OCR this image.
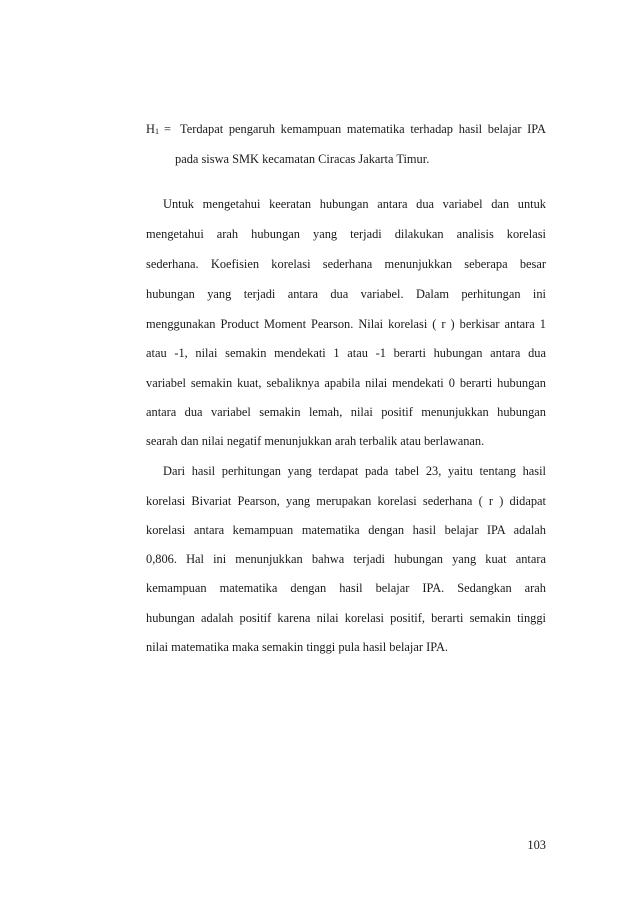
$H_1$ = Terdapat pengaruh kemampuan matematika terhadap hasil belajar IPA
pada siswa SMK kecamatan Ciracas Jakarta Timur.
Untuk mengetahui keeratan hubungan antara dua variabel dan untuk
mengetahui arah hubungan yang terjadi dilakukan analisis korelasi
sederhana. Koefisien korelasi sederhana menunjukkan seberapa besar
hubungan yang terjadi antara dua variabel. Dalam perhitungan ini
menggunakan Product Moment Pearson. Nilai korelasi ( r ) berkisar antara 1
atau -1, nilai semakin mendekati 1 atau -1 berarti hubungan antara dua
variabel semakin kuat, sebaliknya apabila nilai mendekati 0 berarti hubungan
antara dua variabel semakin lemah, nilai positif menunjukkan hubungan
searah dan nilai negatif menunjukkan arah terbalik atau berlawanan.
Dari hasil perhitungan yang terdapat pada tabel 23, yaitu tentang hasil
korelasi Bivariat Pearson, yang merupakan korelasi sederhana ( r ) didapat
korelasi antara kemampuan matematika dengan hasil belajar IPA adalah
0,806. Hal ini menunjukkan bahwa terjadi hubungan yang kuat antara
kemampuan matematika dengan hasil belajar IPA. Sedangkan arah
hubungan adalah positif karena nilai korelasi positif, berarti semakin tinggi
nilai matematika maka semakin tinggi pula hasil belajar IPA.
103
